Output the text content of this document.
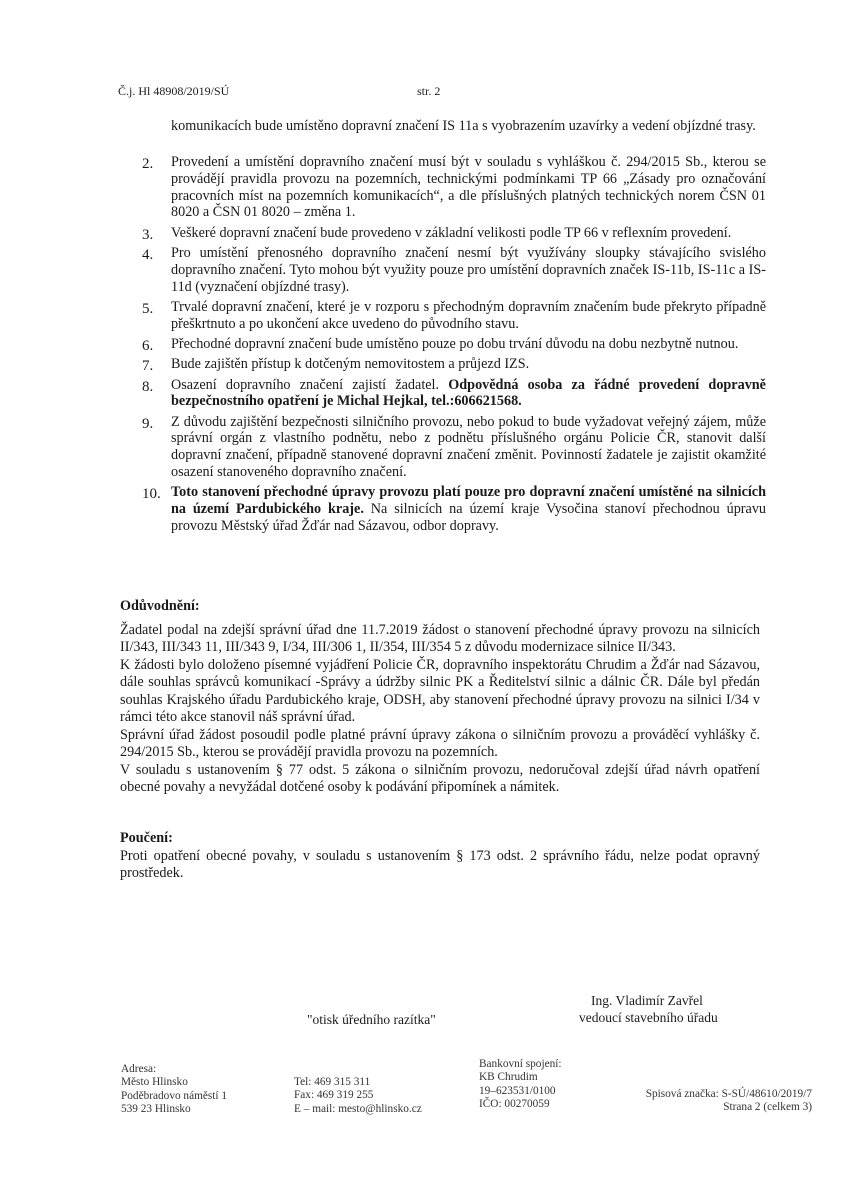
Č.j. Hl 48908/2019/SÚ	str. 2
komunikacích bude umístěno dopravní značení IS 11a s vyobrazením uzavírky a vedení objízdné trasy.
2. Provedení a umístění dopravního značení musí být v souladu s vyhláškou č. 294/2015 Sb., kterou se provádějí pravidla provozu na pozemních, technickými podmínkami TP 66 „Zásady pro označování pracovních míst na pozemních komunikacích“, a dle příslušných platných technických norem ČSN 01 8020 a ČSN 01 8020 – změna 1.
3. Veškeré dopravní značení bude provedeno v základní velikosti podle TP 66 v reflexním provedení.
4. Pro umístění přenosného dopravního značení nesmí být využívány sloupky stávajícího svislého dopravního značení. Tyto mohou být využity pouze pro umístění dopravních značek IS-11b, IS-11c a IS-11d (vyznačení objízdné trasy).
5. Trvalé dopravní značení, které je v rozporu s přechodným dopravním značením bude překryto případně přeškrtnuto a po ukončení akce uvedeno do původního stavu.
6. Přechodné dopravní značení bude umístěno pouze po dobu trvání důvodu na dobu nezbytně nutnou.
7. Bude zajištěn přístup k dotčeným nemovitostem a průjezd IZS.
8. Osazení dopravního značení zajistí žadatel. Odpovědná osoba za řádné provedení dopravně bezpečnostního opatření je Michal Hejkal, tel.:606621568.
9. Z důvodu zajištění bezpečnosti silničního provozu, nebo pokud to bude vyžadovat veřejný zájem, může správní orgán z vlastního podnětu, nebo z podnětu příslušného orgánu Policie ČR, stanovit další dopravní značení, případně stanovené dopravní značení změnit. Povinností žadatele je zajistit okamžité osazení stanoveného dopravního značení.
10. Toto stanovení přechodné úpravy provozu platí pouze pro dopravní značení umístěné na silnicích na území Pardubického kraje. Na silnicích na území kraje Vysočina stanoví přechodnou úpravu provozu Městský úřad Žďár nad Sázavou, odbor dopravy.
Odůvodnění:

Žadatel podal na zdejší správní úřad dne 11.7.2019 žádost o stanovení přechodné úpravy provozu na silnicích II/343, III/343 11, III/343 9, I/34, III/306 1, II/354, III/354 5 z důvodu modernizace silnice II/343.

K žádosti bylo doloženo písemné vyjádření Policie ČR, dopravního inspektorátu Chrudim a Žďár nad Sázavou, dále souhlas správců komunikací -Správy a údržby silnic PK a Ředitelství silnic a dálnic ČR. Dále byl předán souhlas Krajského úřadu Pardubického kraje, ODSH, aby stanovení přechodné úpravy provozu na silnici I/34 v rámci této akce stanovil náš správní úřad.

Správní úřad žádost posoudil podle platné právní úpravy zákona o silničním provozu a prováděcí vyhlášky č. 294/2015 Sb., kterou se provádějí pravidla provozu na pozemních.

V souladu s ustanovením § 77 odst. 5 zákona o silničním provozu, nedoručoval zdejší úřad návrh opatření obecné povahy a nevyžádal dotčené osoby k podávání připomínek a námitek.

Poučení:

Proti opatření obecné povahy, v souladu s ustanovením § 173 odst. 2 správního řádu, nelze podat opravný prostředek.

"otisk úředního razítka"
Ing. Vladimír Zavřel
vedoucí stavebního úřadu
Adresa:
Město Hlinsko
Poděbradovo náměstí 1
539 23 Hlinsko
Tel: 469 315 311
Fax: 469 319 255
E – mail: mesto@hlinsko.cz
Bankovní spojení:
KB Chrudim
19–623531/0100
IČO: 00270059
Spisová značka: S-SÚ/48610/2019/7
Strana 2 (celkem 3)
